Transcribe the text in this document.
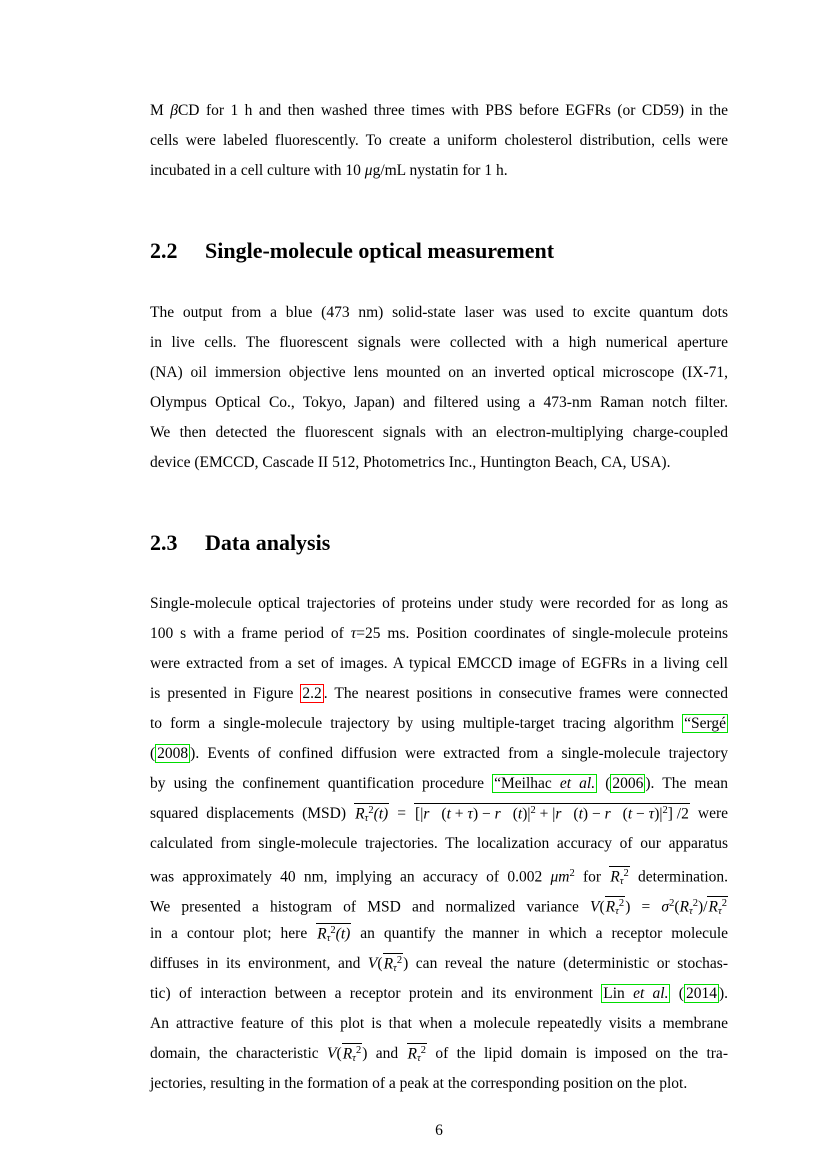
M βCD for 1 h and then washed three times with PBS before EGFRs (or CD59) in the
cells were labeled fluorescently. To create a uniform cholesterol distribution, cells were
incubated in a cell culture with 10 μg/mL nystatin for 1 h.
2.2 Single-molecule optical measurement
The output from a blue (473 nm) solid-state laser was used to excite quantum dots
in live cells. The fluorescent signals were collected with a high numerical aperture
(NA) oil immersion objective lens mounted on an inverted optical microscope (IX-71,
Olympus Optical Co., Tokyo, Japan) and filtered using a 473-nm Raman notch filter.
We then detected the fluorescent signals with an electron-multiplying charge-coupled
device (EMCCD, Cascade II 512, Photometrics Inc., Huntington Beach, CA, USA).
2.3 Data analysis
Single-molecule optical trajectories of proteins under study were recorded for as long as
100 s with a frame period of τ=25 ms. Position coordinates of single-molecule proteins
were extracted from a set of images. A typical EMCCD image of EGFRs in a living cell
is presented in Figure 2.2 . The nearest positions in consecutive frames were connected
to form a single-molecule trajectory by using multiple-target tracing algorithm “Sergé
( 2008 ). Events of confined diffusion were extracted from a single-molecule trajectory
by using the confinement quantification procedure “Meilhac et al. ( 2006 ). The mean
squared displacements (MSD) $R\tau^2(t)$ = [|r⃗(t + $\tau) - r⃗(t)|^2$ + |r⃗(t) − r⃗(t − $\tau)|^2$] /2 were
calculated from single-molecule trajectories. The localization accuracy of our apparatus
was approximately 40 nm, implying an accuracy of 0.002 $\mu m^2$ for $R\tau^2$ determination.
We presented a histogram of MSD and normalized variance $V(R\tau^2) = \sigma^2(R\tau^2)/R\tau^2$
in a contour plot; here $R\tau^2(t)$ an quantify the manner in which a receptor molecule
diffuses in its environment, and $V(R\tau^2)$ can reveal the nature (deterministic or stochas-
tic) of interaction between a receptor protein and its environment Lin et al. ( 2014 ).
An attractive feature of this plot is that when a molecule repeatedly visits a membrane
domain, the characteristic $V(R\tau^2)$ and $R\tau^2$ of the lipid domain is imposed on the tra-
jectories, resulting in the formation of a peak at the corresponding position on the plot.
6
